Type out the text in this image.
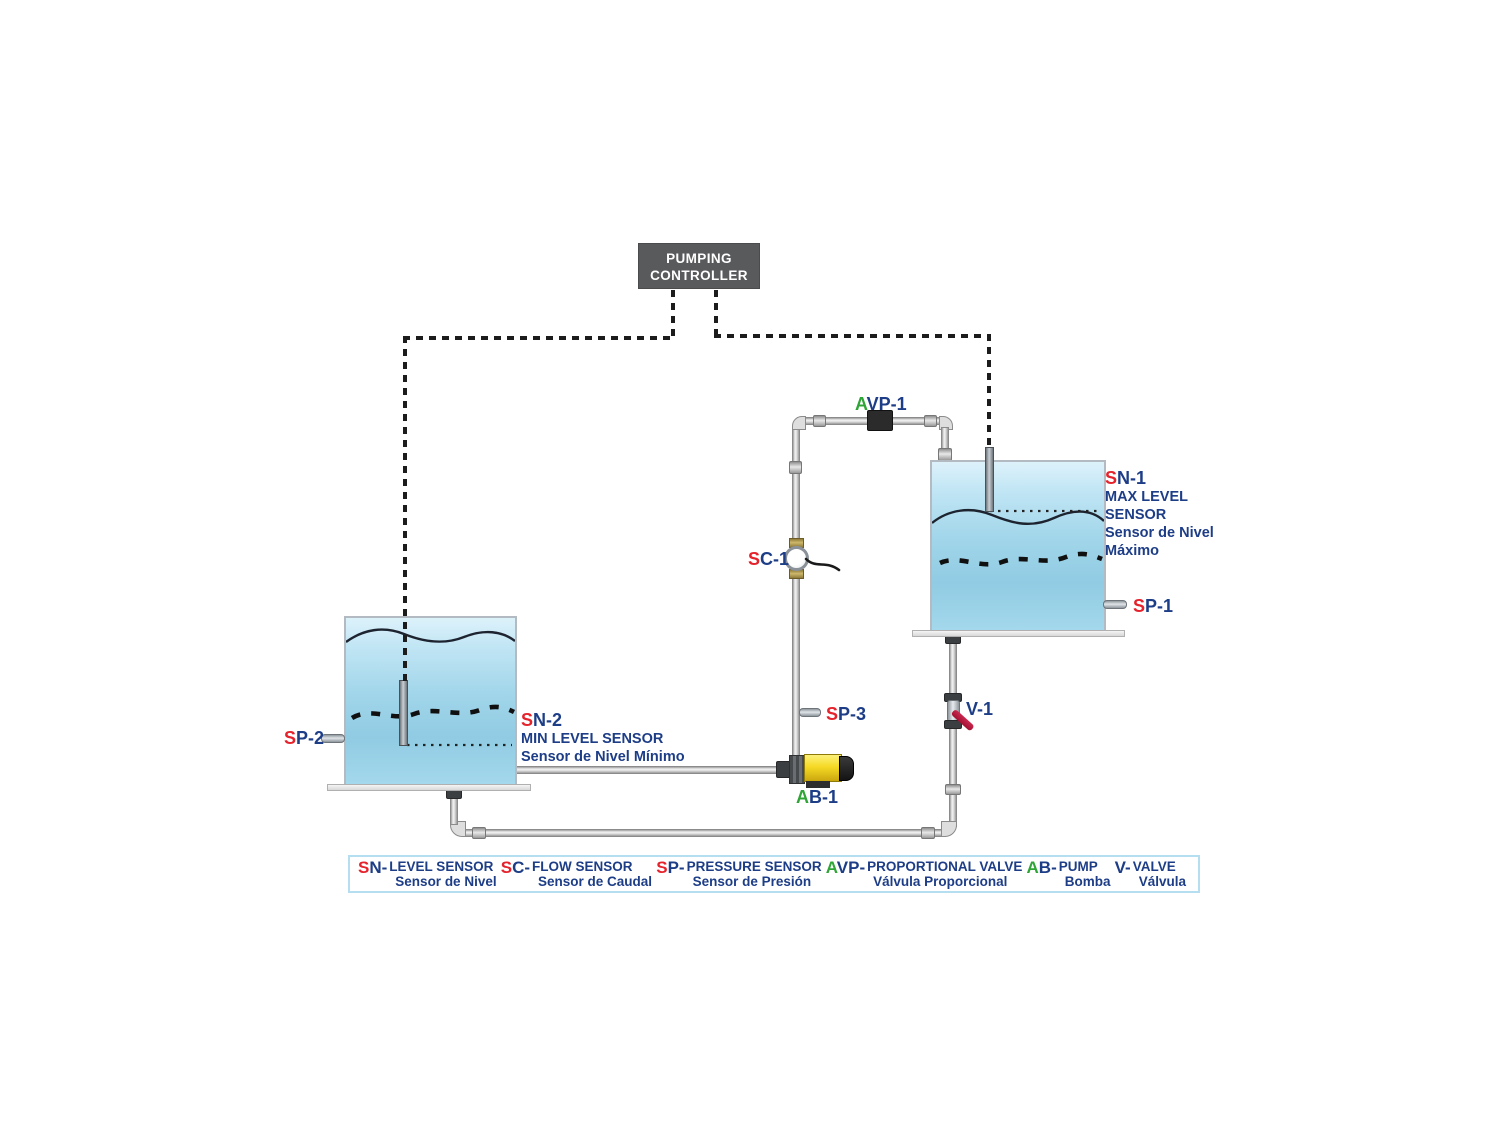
PUMPING
CONTROLLER
AVP-1
SC-1
SP-3
AB-1
V-1
SP-1
SP-2
SN-1
MAX LEVEL
SENSOR
Sensor de Nivel
Máximo
SN-2
MIN LEVEL SENSOR
Sensor de Nivel Mínimo
SN- LEVEL SENSOR
Sensor de Nivel
SC- FLOW SENSOR
Sensor de Caudal
SP- PRESSURE SENSOR
Sensor de Presión
AVP- PROPORTIONAL VALVE
Válvula Proporcional
AB- PUMP
Bomba
V- VALVE
Válvula
